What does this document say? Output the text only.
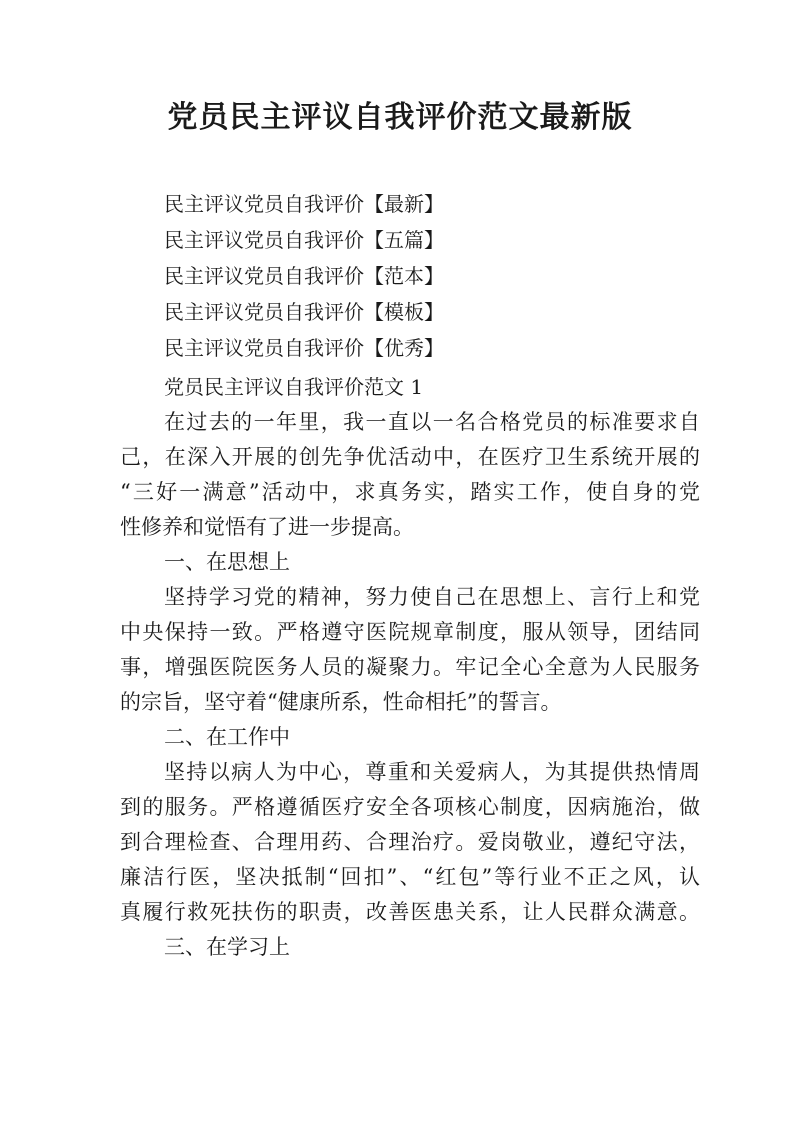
党员民主评议自我评价范文最新版
民主评议党员自我评价【最新】
民主评议党员自我评价【五篇】
民主评议党员自我评价【范本】
民主评议党员自我评价【模板】
民主评议党员自我评价【优秀】

党员民主评议自我评价范文 1

在过去的一年里，我一直以一名合格党员的标准要求自

己，在深入开展的创先争优活动中，在医疗卫生系统开展的

“三好一满意”活动中，求真务实，踏实工作，使自身的党

性修养和觉悟有了进一步提高。

一、在思想上

坚持学习党的精神，努力使自己在思想上、言行上和党

中央保持一致。严格遵守医院规章制度，服从领导，团结同

事，增强医院医务人员的凝聚力。牢记全心全意为人民服务

的宗旨，坚守着“健康所系，性命相托”的誓言。

二、在工作中

坚持以病人为中心，尊重和关爱病人，为其提供热情周

到的服务。严格遵循医疗安全各项核心制度，因病施治，做

到合理检查、合理用药、合理治疗。爱岗敬业，遵纪守法，

廉洁行医，坚决抵制“回扣”、“红包”等行业不正之风，认

真履行救死扶伤的职责，改善医患关系，让人民群众满意。

三、在学习上
